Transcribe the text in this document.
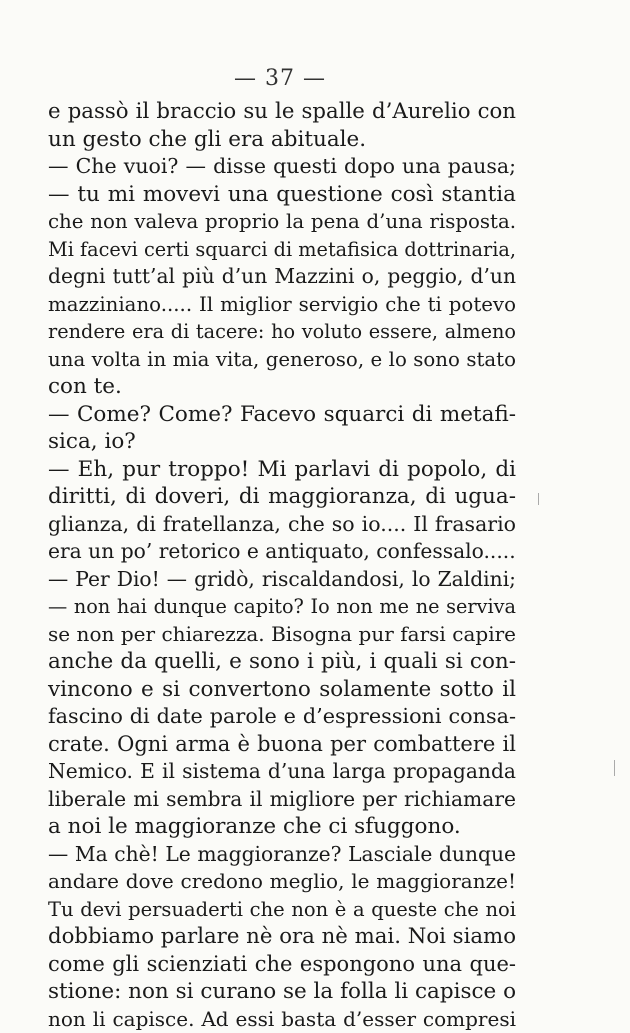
— 37 —
e passò il braccio su le spalle d’Aurelio con
un gesto che gli era abituale.
— Che vuoi? — disse questi dopo una pausa;
— tu mi movevi una questione così stantia
che non valeva proprio la pena d’una risposta.
Mi facevi certi squarci di metafisica dottrinaria,
degni tutt’al più d’un Mazzini o, peggio, d’un
mazziniano..... Il miglior servigio che ti potevo
rendere era di tacere: ho voluto essere, almeno
una volta in mia vita, generoso, e lo sono stato
con te.
— Come? Come? Facevo squarci di metafi-
sica, io?
— Eh, pur troppo! Mi parlavi di popolo, di
diritti, di doveri, di maggioranza, di ugua-
glianza, di fratellanza, che so io.... Il frasario
era un po’ retorico e antiquato, confessalo.....
— Per Dio! — gridò, riscaldandosi, lo Zaldini;
— non hai dunque capito? Io non me ne serviva
se non per chiarezza. Bisogna pur farsi capire
anche da quelli, e sono i più, i quali si con-
vincono e si convertono solamente sotto il
fascino di date parole e d’espressioni consa-
crate. Ogni arma è buona per combattere il
Nemico. E il sistema d’una larga propaganda
liberale mi sembra il migliore per richiamare
a noi le maggioranze che ci sfuggono.
— Ma chè! Le maggioranze? Lasciale dunque
andare dove credono meglio, le maggioranze!
Tu devi persuaderti che non è a queste che noi
dobbiamo parlare nè ora nè mai. Noi siamo
come gli scienziati che espongono una que-
stione: non si curano se la folla li capisce o
non li capisce. Ad essi basta d’esser compresi
